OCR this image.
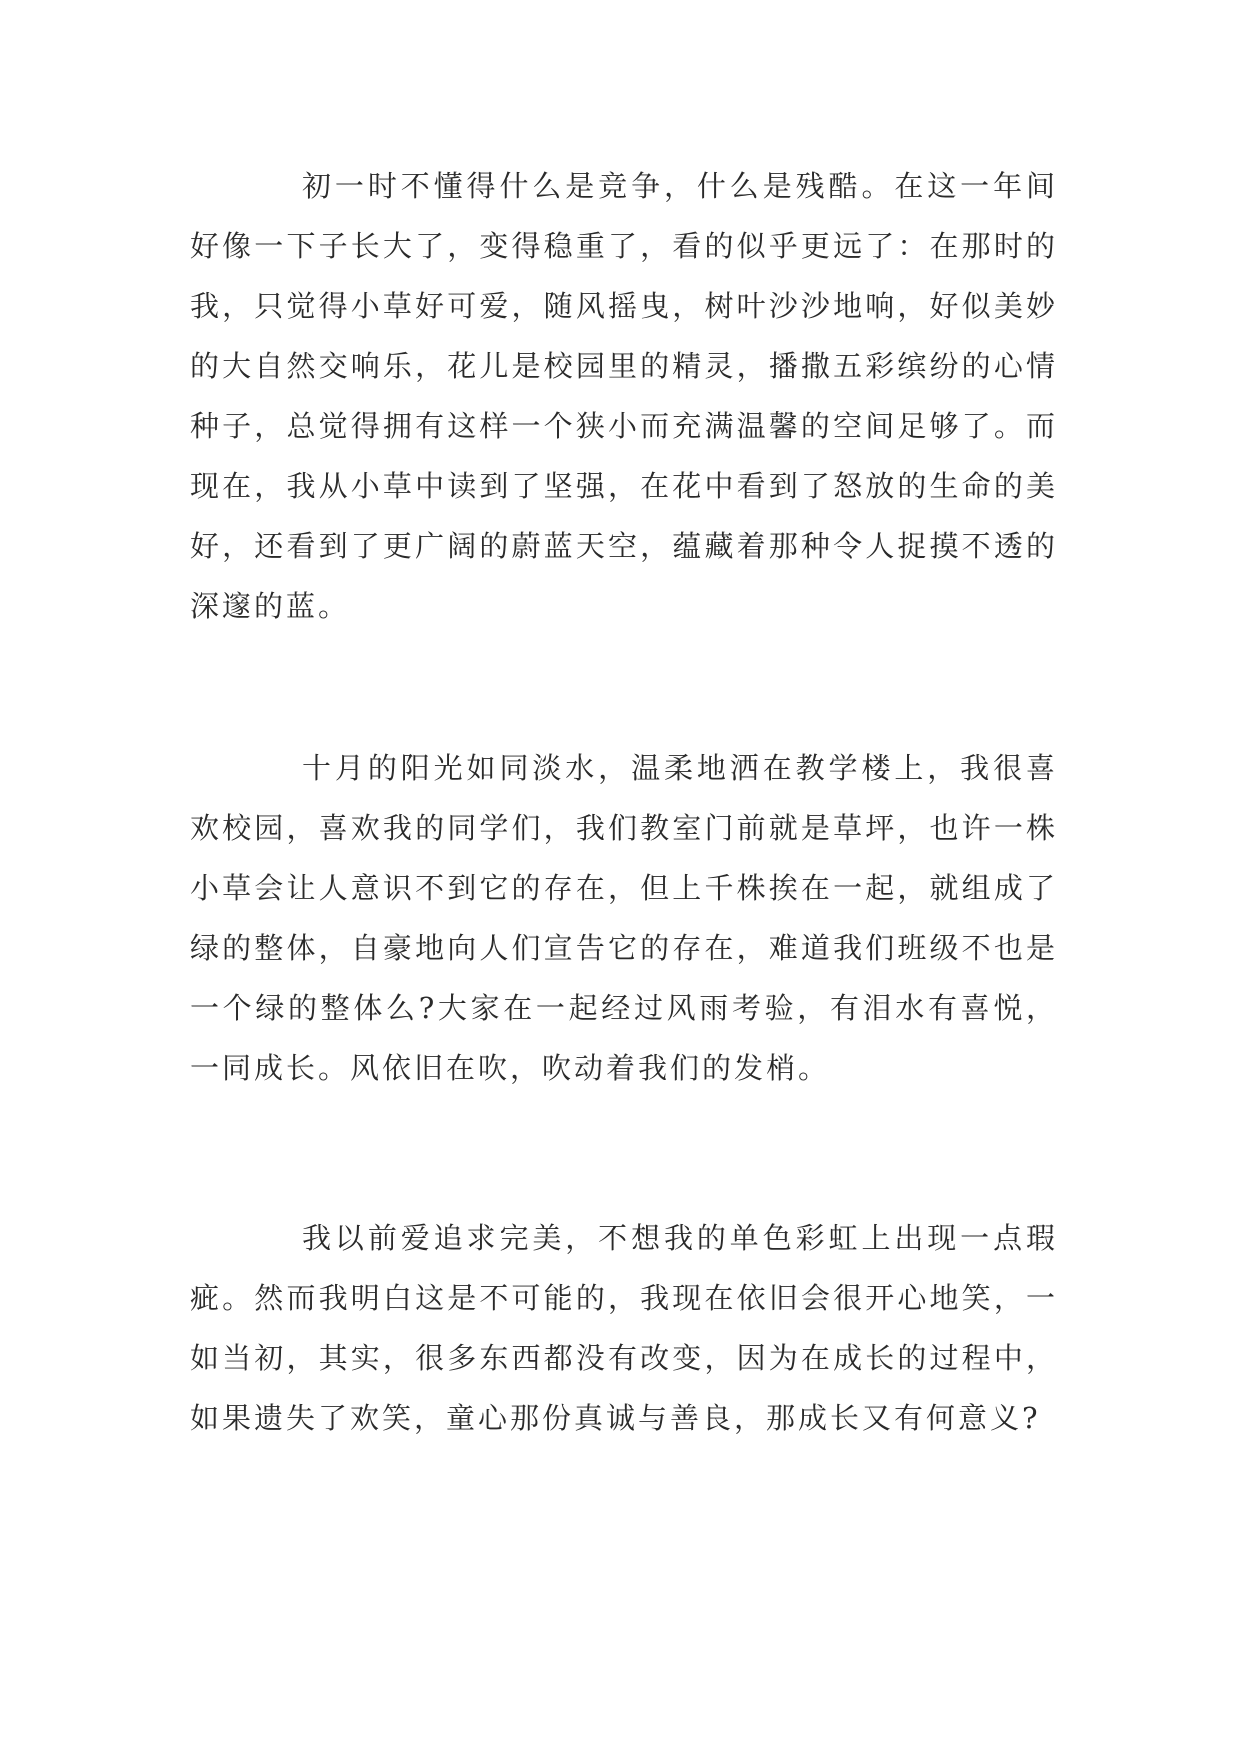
初一时不懂得什么是竞争，什么是残酷。在这一年间好像一下子长大了，变得稳重了，看的似乎更远了：在那时的我，只觉得小草好可爱，随风摇曳，树叶沙沙地响，好似美妙的大自然交响乐，花儿是校园里的精灵，播撒五彩缤纷的心情种子，总觉得拥有这样一个狭小而充满温馨的空间足够了。而现在，我从小草中读到了坚强，在花中看到了怒放的生命的美好，还看到了更广阔的蔚蓝天空，蕴藏着那种令人捉摸不透的深邃的蓝。

十月的阳光如同淡水，温柔地洒在教学楼上，我很喜欢校园，喜欢我的同学们，我们教室门前就是草坪，也许一株小草会让人意识不到它的存在，但上千株挨在一起，就组成了绿的整体，自豪地向人们宣告它的存在，难道我们班级不也是一个绿的整体么?大家在一起经过风雨考验，有泪水有喜悦，一同成长。风依旧在吹，吹动着我们的发梢。

我以前爱追求完美，不想我的单色彩虹上出现一点瑕疵。然而我明白这是不可能的，我现在依旧会很开心地笑，一如当初，其实，很多东西都没有改变，因为在成长的过程中，如果遗失了欢笑，童心那份真诚与善良，那成长又有何意义?
